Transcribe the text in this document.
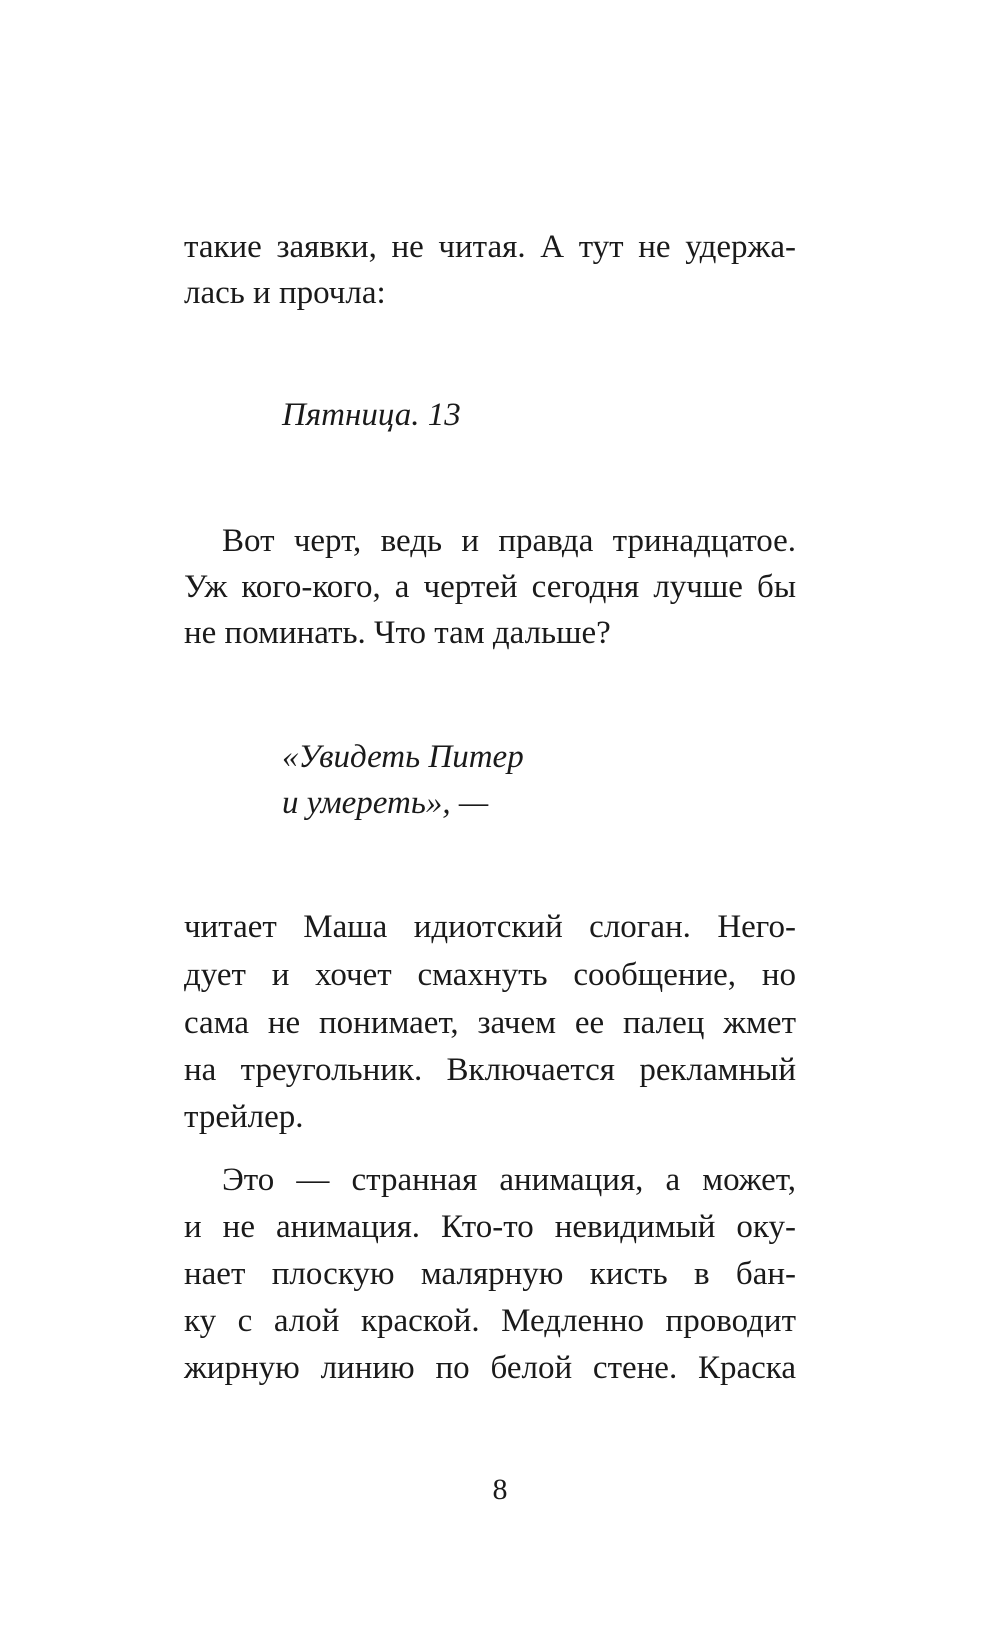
такие заявки, не читая. А тут не удержа-
лась и прочла:
Пятница. 13
Вот черт, ведь и правда тринадцатое.
Уж кого-кого, а чертей сегодня лучше бы
не поминать. Что там дальше?
«Увидеть Питер
и умереть», —
читает Маша идиотский слоган. Него-
дует и хочет смахнуть сообщение, но
сама не понимает, зачем ее палец жмет
на треугольник. Включается рекламный
трейлер.
Это — странная анимация, а может,
и не анимация. Кто-то невидимый оку-
нает плоскую малярную кисть в бан-
ку с алой краской. Медленно проводит
жирную линию по белой стене. Краска
8
